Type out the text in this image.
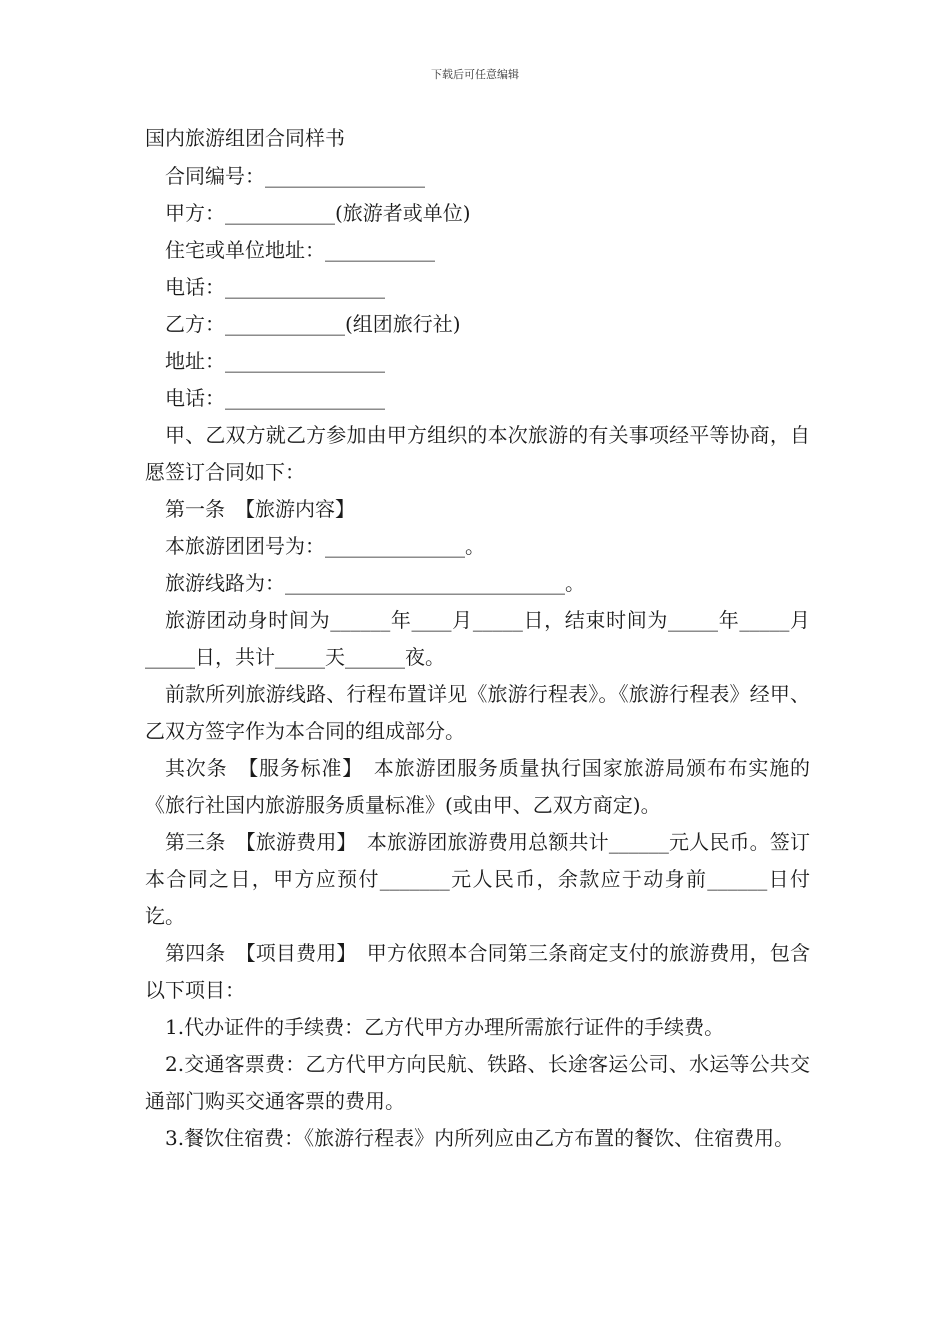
下载后可任意编辑
国内旅游组团合同样书
合同编号：________________
甲方：___________(旅游者或单位)
住宅或单位地址：___________
电话：________________
乙方：____________(组团旅行社)
地址：________________
电话：________________
甲、乙双方就乙方参加由甲方组织的本次旅游的有关事项经平等协商，自愿签订合同如下：
第一条　【旅游内容】
本旅游团团号为：______________。
旅游线路为：____________________________。
旅游团动身时间为______年____月_____日，结束时间为_____年_____月_____日，共计_____天______夜。
前款所列旅游线路、行程布置详见《旅游行程表》。《旅游行程表》经甲、乙双方签字作为本合同的组成部分。
其次条　【服务标准】　本旅游团服务质量执行国家旅游局颁布布实施的《旅行社国内旅游服务质量标准》(或由甲、乙双方商定)。
第三条　【旅游费用】　本旅游团旅游费用总额共计______元人民币。签订本合同之日，甲方应预付_______元人民币，余款应于动身前______日付讫。
第四条　【项目费用】　甲方依照本合同第三条商定支付的旅游费用，包含以下项目：
1.代办证件的手续费：乙方代甲方办理所需旅行证件的手续费。
2.交通客票费：乙方代甲方向民航、铁路、长途客运公司、水运等公共交通部门购买交通客票的费用。
3.餐饮住宿费：《旅游行程表》内所列应由乙方布置的餐饮、住宿费用。
